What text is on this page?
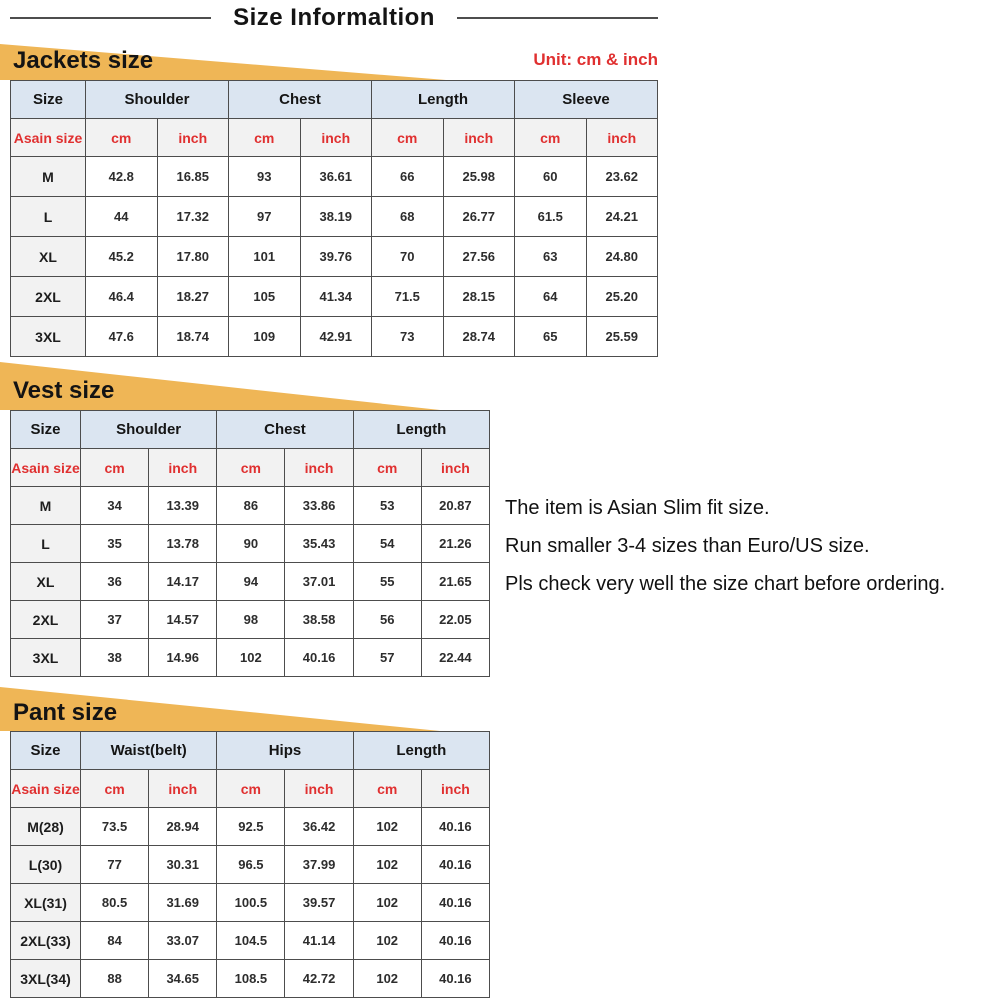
Size Informaltion
Unit: cm & inch
Jackets size
Size	Shoulder		Chest		Length		Sleeve	
Asain size	cm	inch	cm	inch	cm	inch	cm	inch
M	42.8	16.85	93	36.61	66	25.98	60	23.62
L	44	17.32	97	38.19	68	26.77	61.5	24.21
XL	45.2	17.80	101	39.76	70	27.56	63	24.80
2XL	46.4	18.27	105	41.34	71.5	28.15	64	25.20
3XL	47.6	18.74	109	42.91	73	28.74	65	25.59
Vest size
Size	Shoulder		Chest		Length	
Asain size	cm	inch	cm	inch	cm	inch
M	34	13.39	86	33.86	53	20.87
L	35	13.78	90	35.43	54	21.26
XL	36	14.17	94	37.01	55	21.65
2XL	37	14.57	98	38.58	56	22.05
3XL	38	14.96	102	40.16	57	22.44

The item is Asian Slim fit size.

Run smaller 3-4 sizes than Euro/US size.

Pls check very well the size chart before ordering.

Pant size
Size	Waist(belt)		Hips		Length	
Asain size	cm	inch	cm	inch	cm	inch
M(28)	73.5	28.94	92.5	36.42	102	40.16
L(30)	77	30.31	96.5	37.99	102	40.16
XL(31)	80.5	31.69	100.5	39.57	102	40.16
2XL(33)	84	33.07	104.5	41.14	102	40.16
3XL(34)	88	34.65	108.5	42.72	102	40.16
